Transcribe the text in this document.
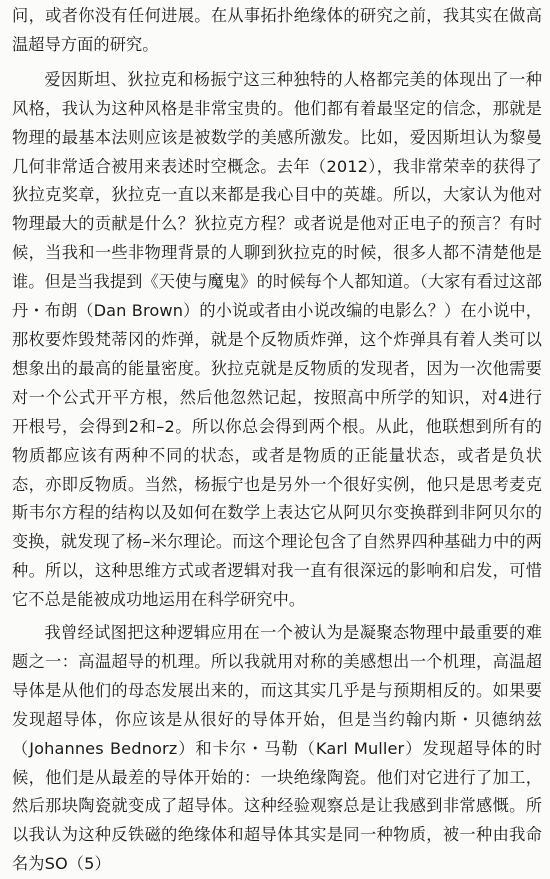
问，或者你没有任何进展。在从事拓扑绝缘体的研究之前，我其实在做高温超导方面的研究。

爱因斯坦、狄拉克和杨振宁这三种独特的人格都完美的体现出了一种风格，我认为这种风格是非常宝贵的。他们都有着最坚定的信念，那就是物理的最基本法则应该是被数学的美感所激发。比如，爱因斯坦认为黎曼几何非常适合被用来表述时空概念。去年（2012），我非常荣幸的获得了狄拉克奖章，狄拉克一直以来都是我心目中的英雄。所以，大家认为他对物理最大的贡献是什么？狄拉克方程？或者说是他对正电子的预言？有时候，当我和一些非物理背景的人聊到狄拉克的时候，很多人都不清楚他是谁。但是当我提到《天使与魔鬼》的时候每个人都知道。（大家有看过这部丹・布朗（Dan Brown）的小说或者由小说改编的电影么？）在小说中，那枚要炸毁梵蒂冈的炸弹，就是个反物质炸弹，这个炸弹具有着人类可以想象出的最高的能量密度。狄拉克就是反物质的发现者，因为一次他需要对一个公式开平方根，然后他忽然记起，按照高中所学的知识，对4进行开根号，会得到2和–2。所以你总会得到两个根。从此，他联想到所有的物质都应该有两种不同的状态，或者是物质的正能量状态，或者是负状态，亦即反物质。当然，杨振宁也是另外一个很好实例，他只是思考麦克斯韦尔方程的结构以及如何在数学上表达它从阿贝尔变换群到非阿贝尔的变换，就发现了杨–米尔理论。而这个理论包含了自然界四种基础力中的两种。所以，这种思维方式或者逻辑对我一直有很深远的影响和启发，可惜它不总是能被成功地运用在科学研究中。

我曾经试图把这种逻辑应用在一个被认为是凝聚态物理中最重要的难题之一：高温超导的机理。所以我就用对称的美感想出一个机理，高温超导体是从他们的母态发展出来的，而这其实几乎是与预期相反的。如果要发现超导体，你应该是从很好的导体开始，但是当约翰内斯・贝德纳兹（Johannes Bednorz）和卡尔・马勒（Karl Muller）发现超导体的时候，他们是从最差的导体开始的：一块绝缘陶瓷。他们对它进行了加工，然后那块陶瓷就变成了超导体。这种经验观察总是让我感到非常感慨。所以我认为这种反铁磁的绝缘体和超导体其实是同一种物质，被一种由我命名为SO（5）
